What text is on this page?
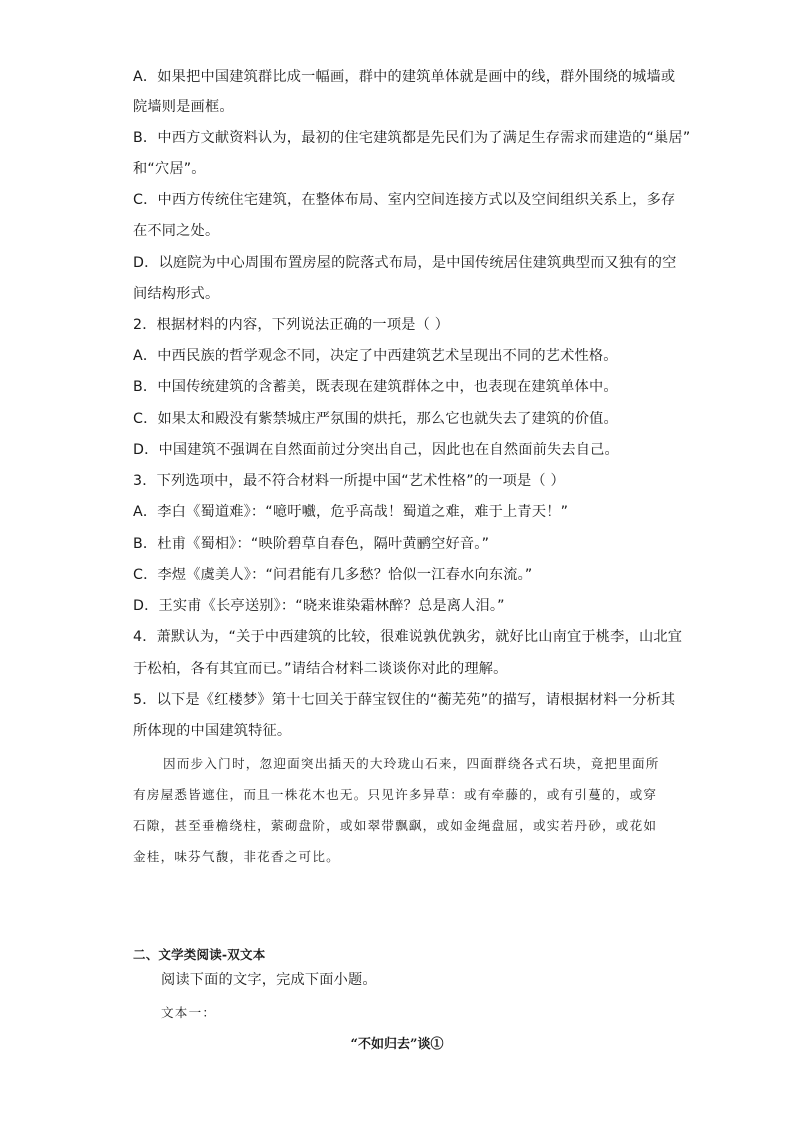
A．如果把中国建筑群比成一幅画，群中的建筑单体就是画中的线，群外围绕的城墙或
院墙则是画框。
B．中西方文献资料认为，最初的住宅建筑都是先民们为了满足生存需求而建造的“巢居”
和“穴居”。
C．中西方传统住宅建筑，在整体布局、室内空间连接方式以及空间组织关系上，多存
在不同之处。
D．以庭院为中心周围布置房屋的院落式布局，是中国传统居住建筑典型而又独有的空
间结构形式。
2．根据材料的内容，下列说法正确的一项是（ ）
A．中西民族的哲学观念不同，决定了中西建筑艺术呈现出不同的艺术性格。
B．中国传统建筑的含蓄美，既表现在建筑群体之中，也表现在建筑单体中。
C．如果太和殿没有紫禁城庄严氛围的烘托，那么它也就失去了建筑的价值。
D．中国建筑不强调在自然面前过分突出自己，因此也在自然面前失去自己。
3．下列选项中，最不符合材料一所提中国“艺术性格”的一项是（ ）
A．李白《蜀道难》：“噫吁嚱，危乎高哉！蜀道之难，难于上青天！”
B．杜甫《蜀相》：“映阶碧草自春色，隔叶黄鹂空好音。”
C．李煜《虞美人》：“问君能有几多愁？恰似一江春水向东流。”
D．王实甫《长亭送别》：“晓来谁染霜林醉？总是离人泪。”
4．萧默认为，“关于中西建筑的比较，很难说孰优孰劣，就好比山南宜于桃李，山北宜
于松柏，各有其宜而已。”请结合材料二谈谈你对此的理解。
5．以下是《红楼梦》第十七回关于薛宝钗住的“蘅芜苑”的描写，请根据材料一分析其
所体现的中国建筑特征。
因而步入门时，忽迎面突出插天的大玲珑山石来，四面群绕各式石块，竟把里面所
有房屋悉皆遮住，而且一株花木也无。只见许多异草：或有牵藤的，或有引蔓的，或穿
石隙，甚至垂檐绕柱，萦砌盘阶，或如翠带飘飖，或如金绳盘屈，或实若丹砂，或花如
金桂，味芬气馥，非花香之可比。
二、文学类阅读-双文本
阅读下面的文字，完成下面小题。
文本一：
“不如归去”谈①
